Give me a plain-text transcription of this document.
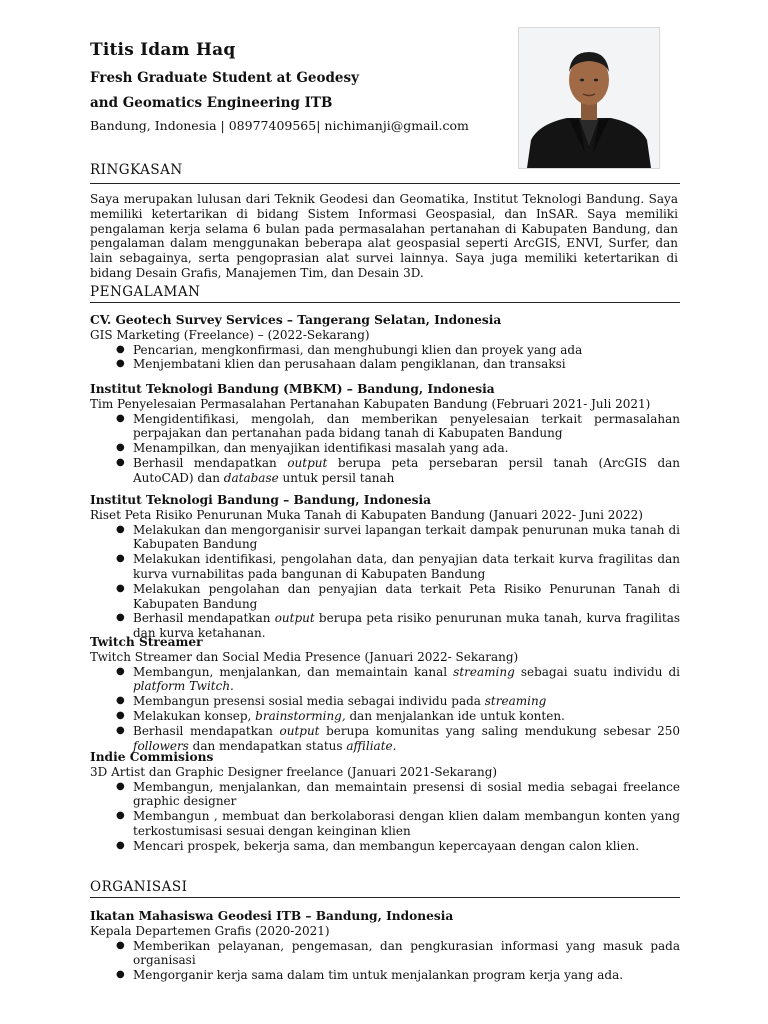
Titis Idam Haq
Fresh Graduate Student at Geodesy
and Geomatics Engineering ITB
Bandung, Indonesia | 08977409565| nichimanji@gmail.com
RINGKASAN
Saya merupakan lulusan dari Teknik Geodesi dan Geomatika, Institut Teknologi Bandung. Saya memiliki ketertarikan di bidang Sistem Informasi Geospasial, dan InSAR. Saya memiliki pengalaman kerja selama 6 bulan pada permasalahan pertanahan di Kabupaten Bandung, dan pengalaman dalam menggunakan beberapa alat geospasial seperti ArcGIS, ENVI, Surfer, dan lain sebagainya, serta pengoprasian alat survei lainnya. Saya juga memiliki ketertarikan di bidang Desain Grafis, Manajemen Tim, dan Desain 3D.
PENGALAMAN
CV. Geotech Survey Services – Tangerang Selatan, Indonesia
GIS Marketing (Freelance) – (2022-Sekarang)
● Pencarian, mengkonfirmasi, dan menghubungi klien dan proyek yang ada
● Menjembatani klien dan perusahaan dalam pengiklanan, dan transaksi
Institut Teknologi Bandung (MBKM) – Bandung, Indonesia
Tim Penyelesaian Permasalahan Pertanahan Kabupaten Bandung (Februari 2021- Juli 2021)
● Mengidentifikasi, mengolah, dan memberikan penyelesaian terkait permasalahan perpajakan dan pertanahan pada bidang tanah di Kabupaten Bandung
● Menampilkan, dan menyajikan identifikasi masalah yang ada.
● Berhasil mendapatkan output berupa peta persebaran persil tanah (ArcGIS dan AutoCAD) dan database untuk persil tanah
Institut Teknologi Bandung – Bandung, Indonesia
Riset Peta Risiko Penurunan Muka Tanah di Kabupaten Bandung (Januari 2022- Juni 2022)
● Melakukan dan mengorganisir survei lapangan terkait dampak penurunan muka tanah di Kabupaten Bandung
● Melakukan identifikasi, pengolahan data, dan penyajian data terkait kurva fragilitas dan kurva vurnabilitas pada bangunan di Kabupaten Bandung
● Melakukan pengolahan dan penyajian data terkait Peta Risiko Penurunan Tanah di Kabupaten Bandung
● Berhasil mendapatkan output berupa peta risiko penurunan muka tanah, kurva fragilitas dan kurva ketahanan.
Twitch Streamer
Twitch Streamer dan Social Media Presence (Januari 2022- Sekarang)
● Membangun, menjalankan, dan memaintain kanal streaming sebagai suatu individu di platform Twitch.
● Membangun presensi sosial media sebagai individu pada streaming
● Melakukan konsep, brainstorming, dan menjalankan ide untuk konten.
● Berhasil mendapatkan output berupa komunitas yang saling mendukung sebesar 250 followers dan mendapatkan status affiliate.
Indie Commisions
3D Artist dan Graphic Designer freelance (Januari 2021-Sekarang)
● Membangun, menjalankan, dan memaintain presensi di sosial media sebagai freelance graphic designer
● Membangun , membuat dan berkolaborasi dengan klien dalam membangun konten yang terkostumisasi sesuai dengan keinginan klien
● Mencari prospek, bekerja sama, dan membangun kepercayaan dengan calon klien.
ORGANISASI
Ikatan Mahasiswa Geodesi ITB – Bandung, Indonesia
Kepala Departemen Grafis (2020-2021)
● Memberikan pelayanan, pengemasan, dan pengkurasian informasi yang masuk pada organisasi
● Mengorganir kerja sama dalam tim untuk menjalankan program kerja yang ada.
